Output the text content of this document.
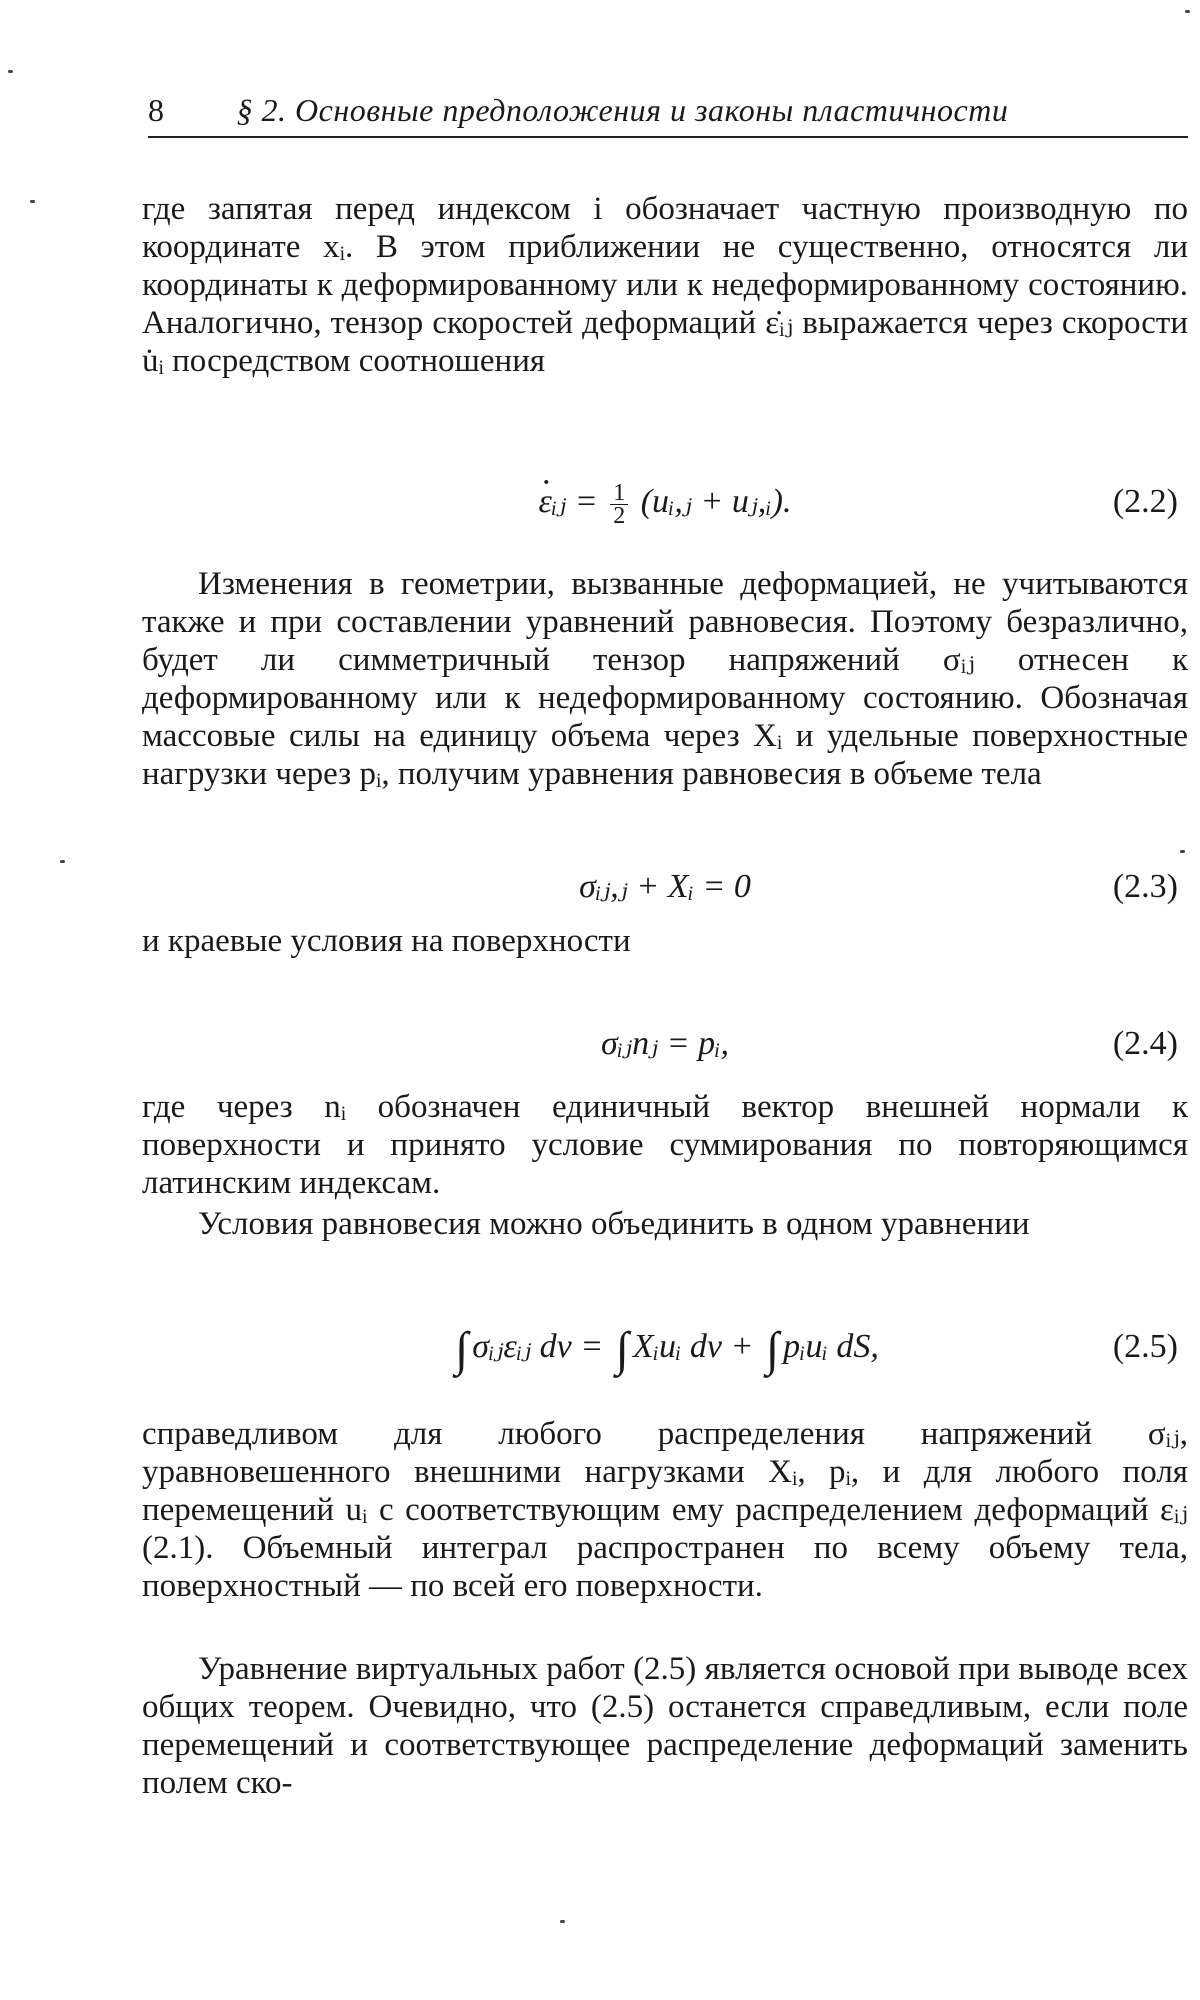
8 § 2. Основные предположения и законы пластичности
где запятая перед индексом i обозначает частную производную по координате xᵢ. В этом приближении не существенно, относятся ли координаты к деформированному или к недеформированному состоянию. Аналогично, тензор скоростей деформаций ε̇ᵢⱼ выражается через скорости u̇ᵢ посредством соотношения
· εᵢⱼ = $\frac{1}{2}$ (uᵢ,ⱼ + uⱼ,ᵢ).	(2.2)
Изменения в геометрии, вызванные деформацией, не учитываются также и при составлении уравнений равновесия. Поэтому безразлично, будет ли симметричный тензор напряжений σᵢⱼ отнесен к деформированному или к недеформированному состоянию. Обозначая массовые силы на единицу объема через Xᵢ и удельные поверхностные нагрузки через pᵢ, получим уравнения равновесия в объеме тела
σᵢⱼ,ⱼ + Xᵢ = 0	(2.3)
и краевые условия на поверхности
σᵢⱼnⱼ = pᵢ,	(2.4)
где через nᵢ обозначен единичный вектор внешней нормали к поверхности и принято условие суммирования по повторяющимся латинским индексам.
Условия равновесия можно объединить в одном уравнении
∫ σᵢⱼεᵢⱼ dv = ∫ Xᵢuᵢ dv + ∫ pᵢuᵢ dS,	(2.5)
справедливом для любого распределения напряжений σᵢⱼ, уравновешенного внешними нагрузками Xᵢ, pᵢ, и для любого поля перемещений uᵢ с соответствующим ему распределением деформаций εᵢⱼ (2.1). Объемный интеграл распространен по всему объему тела, поверхностный — по всей его поверхности.
Уравнение виртуальных работ (2.5) является основой при выводе всех общих теорем. Очевидно, что (2.5) останется справедливым, если поле перемещений и соответствующее распределение деформаций заменить полем ско-
